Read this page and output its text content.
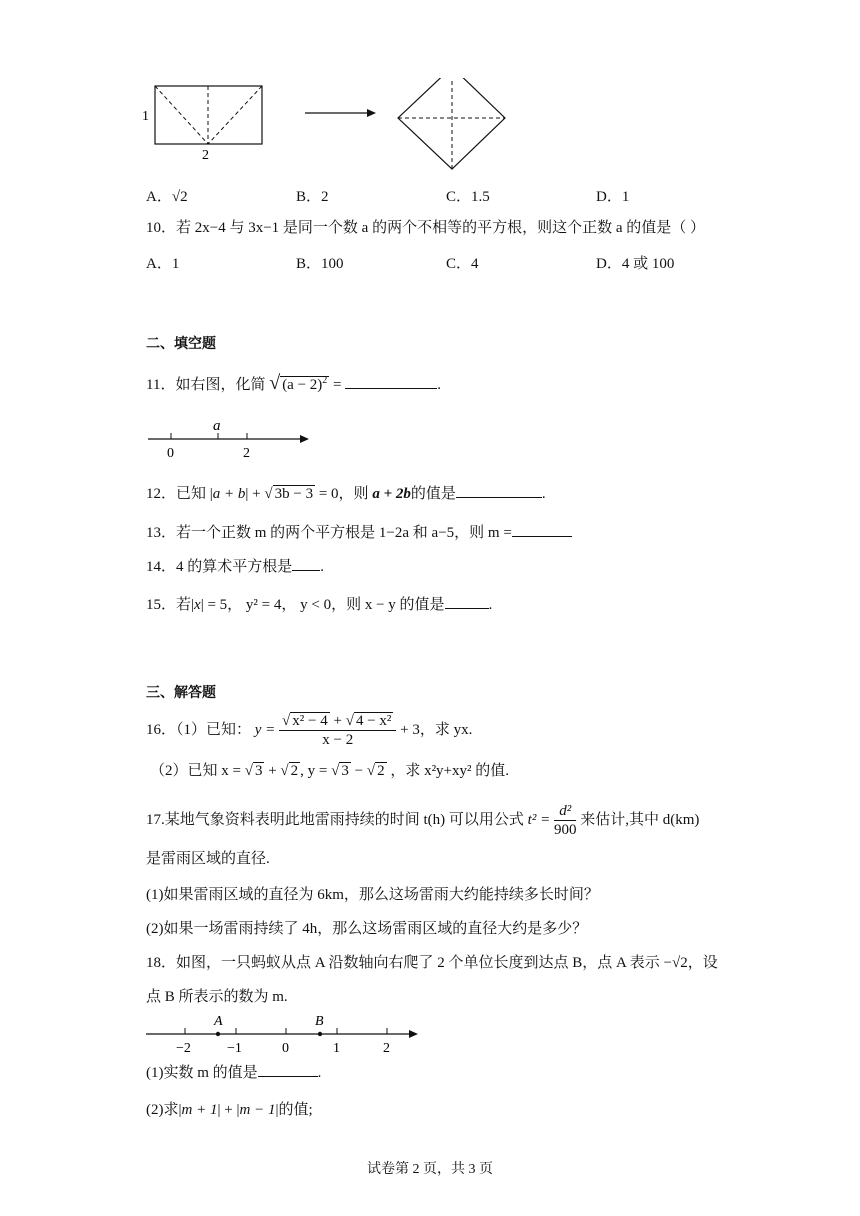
1
2
A．√2	B．2	C．1.5	D．1
10．若 2x−4 与 3x−1 是同一个数 a 的两个不相等的平方根，则这个正数 a 的值是（ ）
A．1	B．100	C．4	D．4 或 100
二、填空题
11．如右图，化简 √ $(a - 2)^2$ =	.
a
0	2
12．已知 |a + b| + √ 3b − 3 = 0，则 a + 2b的值是	.
13．若一个正数 m 的两个平方根是 1−2a 和 a−5，则 m =
14．4 的算术平方根是 .
15．若|x| = 5， y² = 4， y < 0，则 x − y 的值是	.
三、解答题
16．（1）已知： $y = \frac{\text{√ x² − 4 + √ 4 − x²}}{x - 2} + 3$，求 yx.
（2）已知 x = √ 3 + √ 2 , y = √ 3 − √ 2 ，求 x²y+xy² 的值.
17.某地气象资料表明此地雷雨持续的时间 t(h) 可以用公式 $t^2 = \frac{\text{d²}}{900}$ 来估计,其中 d(km)
是雷雨区域的直径.
(1)如果雷雨区域的直径为 6km，那么这场雷雨大约能持续多长时间？
(2)如果一场雷雨持续了 4h，那么这场雷雨区域的直径大约是多少？
18．如图，一只蚂蚁从点 A 沿数轴向右爬了 2 个单位长度到达点 B，点 A 表示 −√2，设
点 B 所表示的数为 m.
A	B
−2	−1	0	1	2
(1)实数 m 的值是	.
(2)求|m + 1| + |m − 1|的值;
试卷第 2 页，共 3 页
